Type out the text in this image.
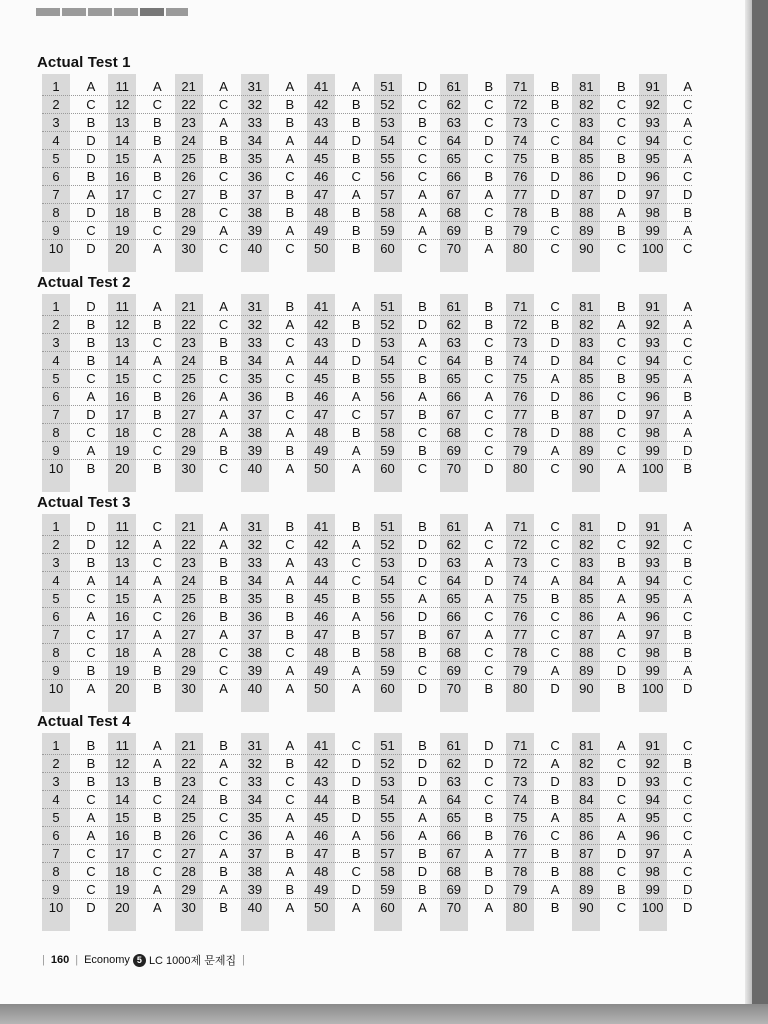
Actual Test 1
1	A	11	A	21	A	31	A	41	A	51	D	61	B	71	B	81	B	91	A
2	C	12	C	22	C	32	B	42	B	52	C	62	C	72	B	82	C	92	C
3	B	13	B	23	A	33	B	43	B	53	B	63	C	73	C	83	C	93	A
4	D	14	B	24	B	34	A	44	D	54	C	64	D	74	C	84	C	94	C
5	D	15	A	25	B	35	A	45	B	55	C	65	C	75	B	85	B	95	A
6	B	16	B	26	C	36	C	46	C	56	C	66	B	76	D	86	D	96	C
7	A	17	C	27	B	37	B	47	A	57	A	67	A	77	D	87	D	97	D
8	D	18	B	28	C	38	B	48	B	58	A	68	C	78	B	88	A	98	B
9	C	19	C	29	A	39	A	49	B	59	A	69	B	79	C	89	B	99	A
10	D	20	A	30	C	40	C	50	B	60	C	70	A	80	C	90	C	100	C
Actual Test 2
1	D	11	A	21	A	31	B	41	A	51	B	61	B	71	C	81	B	91	A
2	B	12	B	22	C	32	A	42	B	52	D	62	B	72	B	82	A	92	A
3	B	13	C	23	B	33	C	43	D	53	A	63	C	73	D	83	C	93	C
4	B	14	A	24	B	34	A	44	D	54	C	64	B	74	D	84	C	94	C
5	C	15	C	25	C	35	C	45	B	55	B	65	C	75	A	85	B	95	A
6	A	16	B	26	A	36	B	46	A	56	A	66	A	76	D	86	C	96	B
7	D	17	B	27	A	37	C	47	C	57	B	67	C	77	B	87	D	97	A
8	C	18	C	28	A	38	A	48	B	58	C	68	C	78	D	88	C	98	A
9	A	19	C	29	B	39	B	49	A	59	B	69	C	79	A	89	C	99	D
10	B	20	B	30	C	40	A	50	A	60	C	70	D	80	C	90	A	100	B
Actual Test 3
1	D	11	C	21	A	31	B	41	B	51	B	61	A	71	C	81	D	91	A
2	D	12	A	22	A	32	C	42	A	52	D	62	C	72	C	82	C	92	C
3	B	13	C	23	B	33	A	43	C	53	D	63	A	73	C	83	B	93	B
4	A	14	A	24	B	34	A	44	C	54	C	64	D	74	A	84	A	94	C
5	C	15	A	25	B	35	B	45	B	55	A	65	A	75	B	85	A	95	A
6	A	16	C	26	B	36	B	46	A	56	D	66	C	76	C	86	A	96	C
7	C	17	A	27	A	37	B	47	B	57	B	67	A	77	C	87	A	97	B
8	C	18	A	28	C	38	C	48	B	58	B	68	C	78	C	88	C	98	B
9	B	19	B	29	C	39	A	49	A	59	C	69	C	79	A	89	D	99	A
10	A	20	B	30	A	40	A	50	A	60	D	70	B	80	D	90	B	100	D
Actual Test 4
1	B	11	A	21	B	31	A	41	C	51	B	61	D	71	C	81	A	91	C
2	B	12	A	22	A	32	B	42	D	52	D	62	D	72	A	82	C	92	B
3	B	13	B	23	C	33	C	43	D	53	D	63	C	73	D	83	D	93	C
4	C	14	C	24	B	34	C	44	B	54	A	64	C	74	B	84	C	94	C
5	A	15	B	25	C	35	A	45	D	55	A	65	B	75	A	85	A	95	C
6	A	16	B	26	C	36	A	46	A	56	A	66	B	76	C	86	A	96	C
7	C	17	C	27	A	37	B	47	B	57	B	67	A	77	B	87	D	97	A
8	C	18	C	28	B	38	A	48	C	58	D	68	B	78	B	88	C	98	C
9	C	19	A	29	A	39	B	49	D	59	B	69	D	79	A	89	B	99	D
10	D	20	A	30	B	40	A	50	A	60	A	70	A	80	B	90	C	100	D
| 160 | Economy 5 LC 1000제 문제집 |
